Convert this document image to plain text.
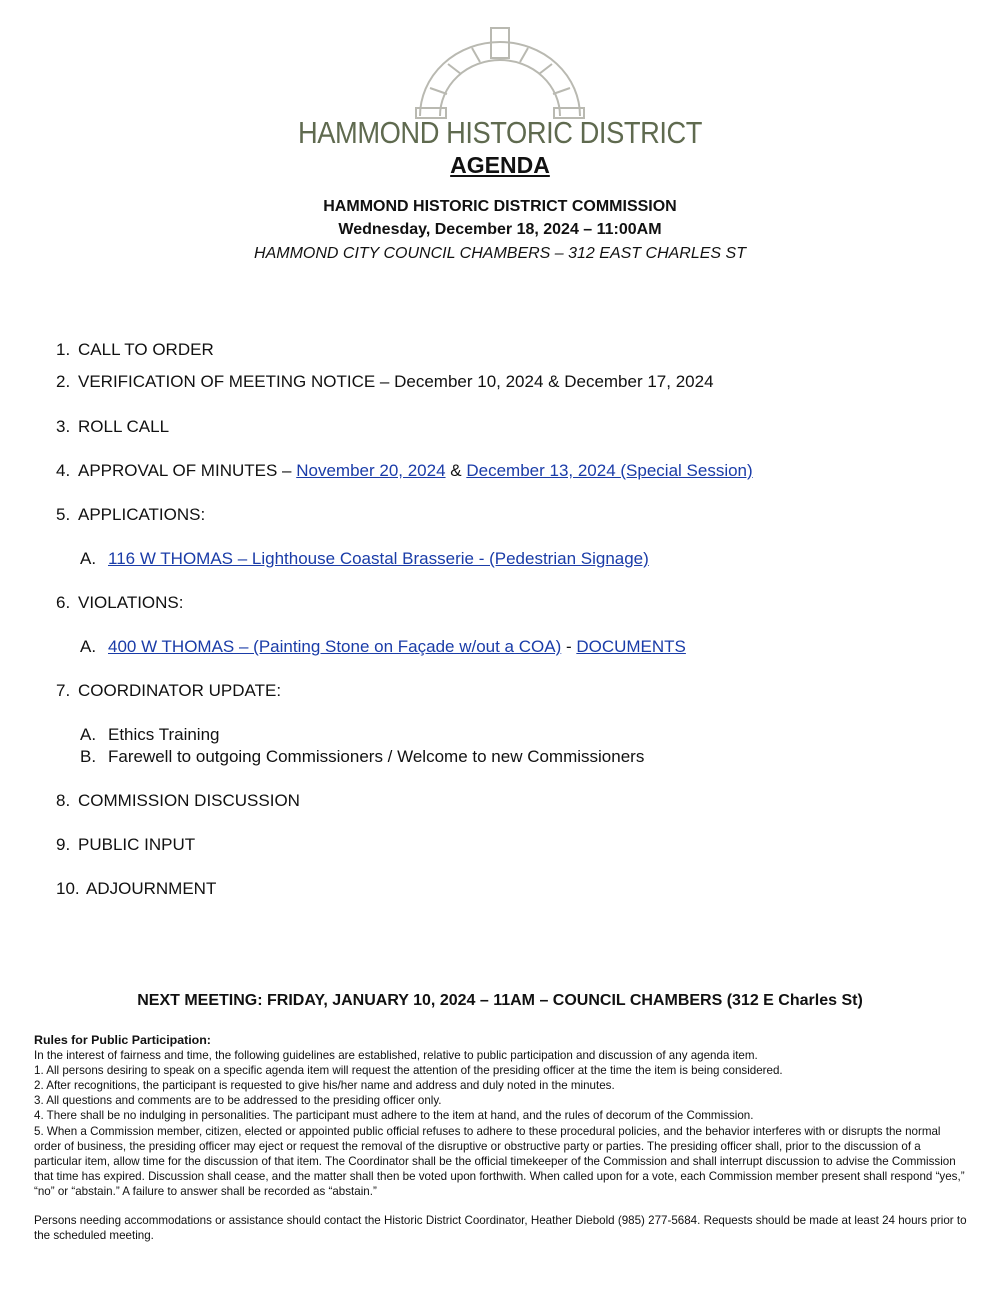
HAMMOND HISTORIC DISTRICT
AGENDA
HAMMOND HISTORIC DISTRICT COMMISSION
Wednesday, December 18, 2024 – 11:00AM
HAMMOND CITY COUNCIL CHAMBERS – 312 EAST CHARLES ST
1. CALL TO ORDER
2. VERIFICATION OF MEETING NOTICE – December 10, 2024 & December 17, 2024
3. ROLL CALL
4. APPROVAL OF MINUTES – November 20, 2024 & December 13, 2024 (Special Session)
5. APPLICATIONS:
A. 116 W THOMAS – Lighthouse Coastal Brasserie - (Pedestrian Signage)
6. VIOLATIONS:
A. 400 W THOMAS – (Painting Stone on Façade w/out a COA) - DOCUMENTS
7. COORDINATOR UPDATE:
A. Ethics Training
B. Farewell to outgoing Commissioners / Welcome to new Commissioners
8. COMMISSION DISCUSSION
9. PUBLIC INPUT
10. ADJOURNMENT
NEXT MEETING: FRIDAY, JANUARY 10, 2024 – 11AM – COUNCIL CHAMBERS (312 E Charles St)

Rules for Public Participation:

In the interest of fairness and time, the following guidelines are established, relative to public participation and discussion of any agenda item.

1. All persons desiring to speak on a specific agenda item will request the attention of the presiding officer at the time the item is being considered.

2. After recognitions, the participant is requested to give his/her name and address and duly noted in the minutes.

3. All questions and comments are to be addressed to the presiding officer only.

4. There shall be no indulging in personalities. The participant must adhere to the item at hand, and the rules of decorum of the Commission.

5. When a Commission member, citizen, elected or appointed public official refuses to adhere to these procedural policies, and the behavior interferes with or disrupts the normal order of business, the presiding officer may eject or request the removal of the disruptive or obstructive party or parties. The presiding officer shall, prior to the discussion of a particular item, allow time for the discussion of that item. The Coordinator shall be the official timekeeper of the Commission and shall interrupt discussion to advise the Commission that time has expired. Discussion shall cease, and the matter shall then be voted upon forthwith. When called upon for a vote, each Commission member present shall respond “yes,” “no” or “abstain.” A failure to answer shall be recorded as “abstain.”

Persons needing accommodations or assistance should contact the Historic District Coordinator, Heather Diebold (985) 277-5684. Requests should be made at least 24 hours prior to the scheduled meeting.
